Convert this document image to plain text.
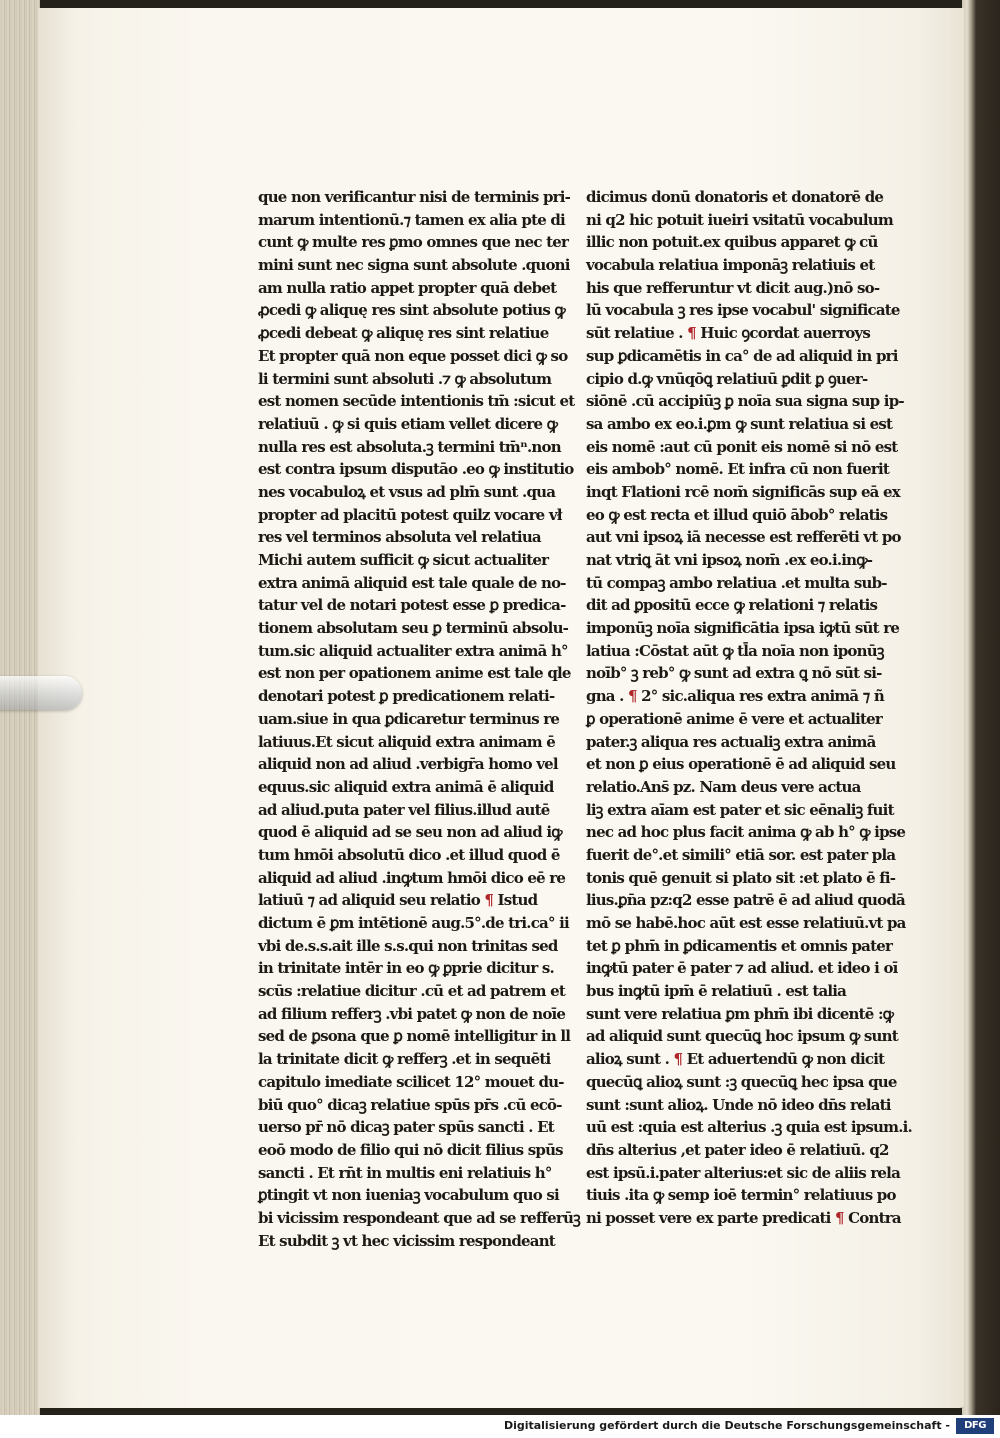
que non verificantur nisi de terminis pri-
marum intentionū.⁊ tamen ex alia pte di
cunt ꝙ multe res ꝑmo omnes que nec ter
mini sunt nec signa sunt absolute .quoni
am nulla ratio appet propter quā debet
ꝓcedi ꝙ aliquę res sint absolute potius ꝙ
ꝓcedi debeat ꝙ aliquę res sint relatiue
Et propter quā non eque posset dici ꝙ so
li termini sunt absoluti .⁊ ꝙ absolutum
est nomen secūde intentionis tm̄ :sicut et
relatiuū . ꝙ si quis etiam vellet dicere ꝙ
nulla res est absoluta.ꝫ termini tm̄ⁿ.non
est contra ipsum disputāo .eo ꝙ institutio
nes vocabuloꝝ et vsus ad plm̄ sunt .qua
propter ad placitū potest quilz vocare vł
res vel terminos absoluta vel relatiua
Michi autem sufficit ꝙ sicut actualiter
extra animā aliquid est tale quale de no-
tatur vel de notari potest esse ꝑ predica-
tionem absolutam seu ꝑ terminū absolu-
tum.sic aliquid actualiter extra animā h°
est non per opationem anime est tale qle
denotari potest ꝑ predicationem relati-
uam.siue in qua ꝑdicaretur terminus re
latiuus.Et sicut aliquid extra animam ē
aliquid non ad aliud .verbigr̄a homo vel
equus.sic aliquid extra animā ē aliquid
ad aliud.puta pater vel filius.illud autē
quod ē aliquid ad se seu non ad aliud iꝙ
tum hmōi absolutū dico .et illud quod ē
aliquid ad aliud .inꝙtum hmōi dico eē re
latiuū ⁊ ad aliquid seu relatio ¶ Istud
dictum ē ꝑm intētionē aug.5°.de tri.ca° ii
vbi de.s.s.ait ille s.s.qui non trinitas sed
in trinitate intēr in eo ꝙ ꝑprie dicitur s.
scūs :relatiue dicitur .cū et ad patrem et
ad filium refferꝫ .vbi patet ꝙ non de noīe
sed de ꝑsona que ꝑ nomē intelligitur in ll
la trinitate dicit ꝙ refferꝫ .et in sequēti
capitulo imediate scilicet 12° mouet du-
biū quo° dicaꝫ relatiue spūs pr̄s .cū ecō-
uerso pr̄ nō dicaꝫ pater spūs sancti . Et
eoō modo de filio qui nō dicit filius spūs
sancti . Et rn̄t in multis eni relatiuis h°
ꝑtingit vt non iueniaꝫ vocabulum quo si
bi vicissim respondeant que ad se refferūꝫ
Et subdit ꝫ vt hec vicissim respondeant
dicimus donū donatoris et donatorē de
ni q2 hic potuit iueiri vsitatū vocabulum
illic non potuit.ex quibus apparet ꝙ cū
vocabula relatiua imponāꝫ relatiuis et
his que refferuntur vt dicit aug.)nō so-
lū vocabula ꝫ res ipse vocabul' significate
sūt relatiue . ¶ Huic ꝯcordat auerroys
sup ꝑdicamētis in ca° de ad aliquid in pri
cipio d.ꝙ vnūqōꝗ relatiuū ꝑdit ꝑ ꝯuer-
siōnē .cū accipiūꝫ ꝑ noīa sua signa sup ip-
sa ambo ex eo.i.ꝑm ꝙ sunt relatiua si est
eis nomē :aut cū ponit eis nomē si nō est
eis ambob° nomē. Et infra cū non fuerit
inqt Flationi rcē nom̄ significās sup eā ex
eo ꝙ est recta et illud quiō ābob° relatis
aut vni ipsoꝝ iā necesse est refferēti vt po
nat vtriꝗ āt vni ipsoꝝ nom̄ .ex eo.i.inꝙ-
tū compaꝫ ambo relatiua .et multa sub-
dit ad ꝑpositū ecce ꝙ relationi ⁊ relatis
imponūꝫ noīa significātia ipsa iꝙtū sūt re
latiua :Cōstat aūt ꝙ tl̄a noīa non iponūꝫ
noīb° ꝫ reb° ꝙ sunt ad extra ꝗ nō sūt si-
gna . ¶ 2° sic.aliqua res extra animā ⁊ ñ
ꝑ operationē anime ē vere et actualiter
pater.ꝫ aliqua res actualiꝫ extra animā
et non ꝑ eius operationē ē ad aliquid seu
relatio.Ans̄ pz. Nam deus vere actua
liꝫ extra aīam est pater et sic eēnaliꝫ fuit
nec ad hoc plus facit anima ꝙ ab h° ꝙ ipse
fuerit de°.et simili° etiā sor. est pater pla
tonis quē genuit si plato sit :et plato ē fi-
lius.ꝑn̄a pz:q2 esse patrē ē ad aliud quodā
mō se habē.hoc aūt est esse relatiuū.vt pa
tet ꝑ phm̄ in ꝑdicamentis et omnis pater
inꝙtū pater ē pater ⁊ ad aliud. et ideo i oī
bus inꝙtū ipm̄ ē relatiuū . est talia
sunt vere relatiua ꝑm phm̄ ibi dicentē :ꝙ
ad aliquid sunt quecūꝗ hoc ipsum ꝙ sunt
alioꝝ sunt . ¶ Et aduertendū ꝙ non dicit
quecūꝗ alioꝝ sunt :ꝫ quecūꝗ hec ipsa que
sunt :sunt alioꝝ. Unde nō ideo dn̄s relati
uū est :quia est alterius .ꝫ quia est ipsum.i.
dn̄s alterius ,et pater ideo ē relatiuū. q2
est ipsū.i.pater alterius:et sic de aliis rela
tiuis .ita ꝙ semp ioē termin° relatiuus po
ni posset vere ex parte predicati ¶ Contra
Digitalisierung gefördert durch die Deutsche Forschungsgemeinschaft -	DFG
